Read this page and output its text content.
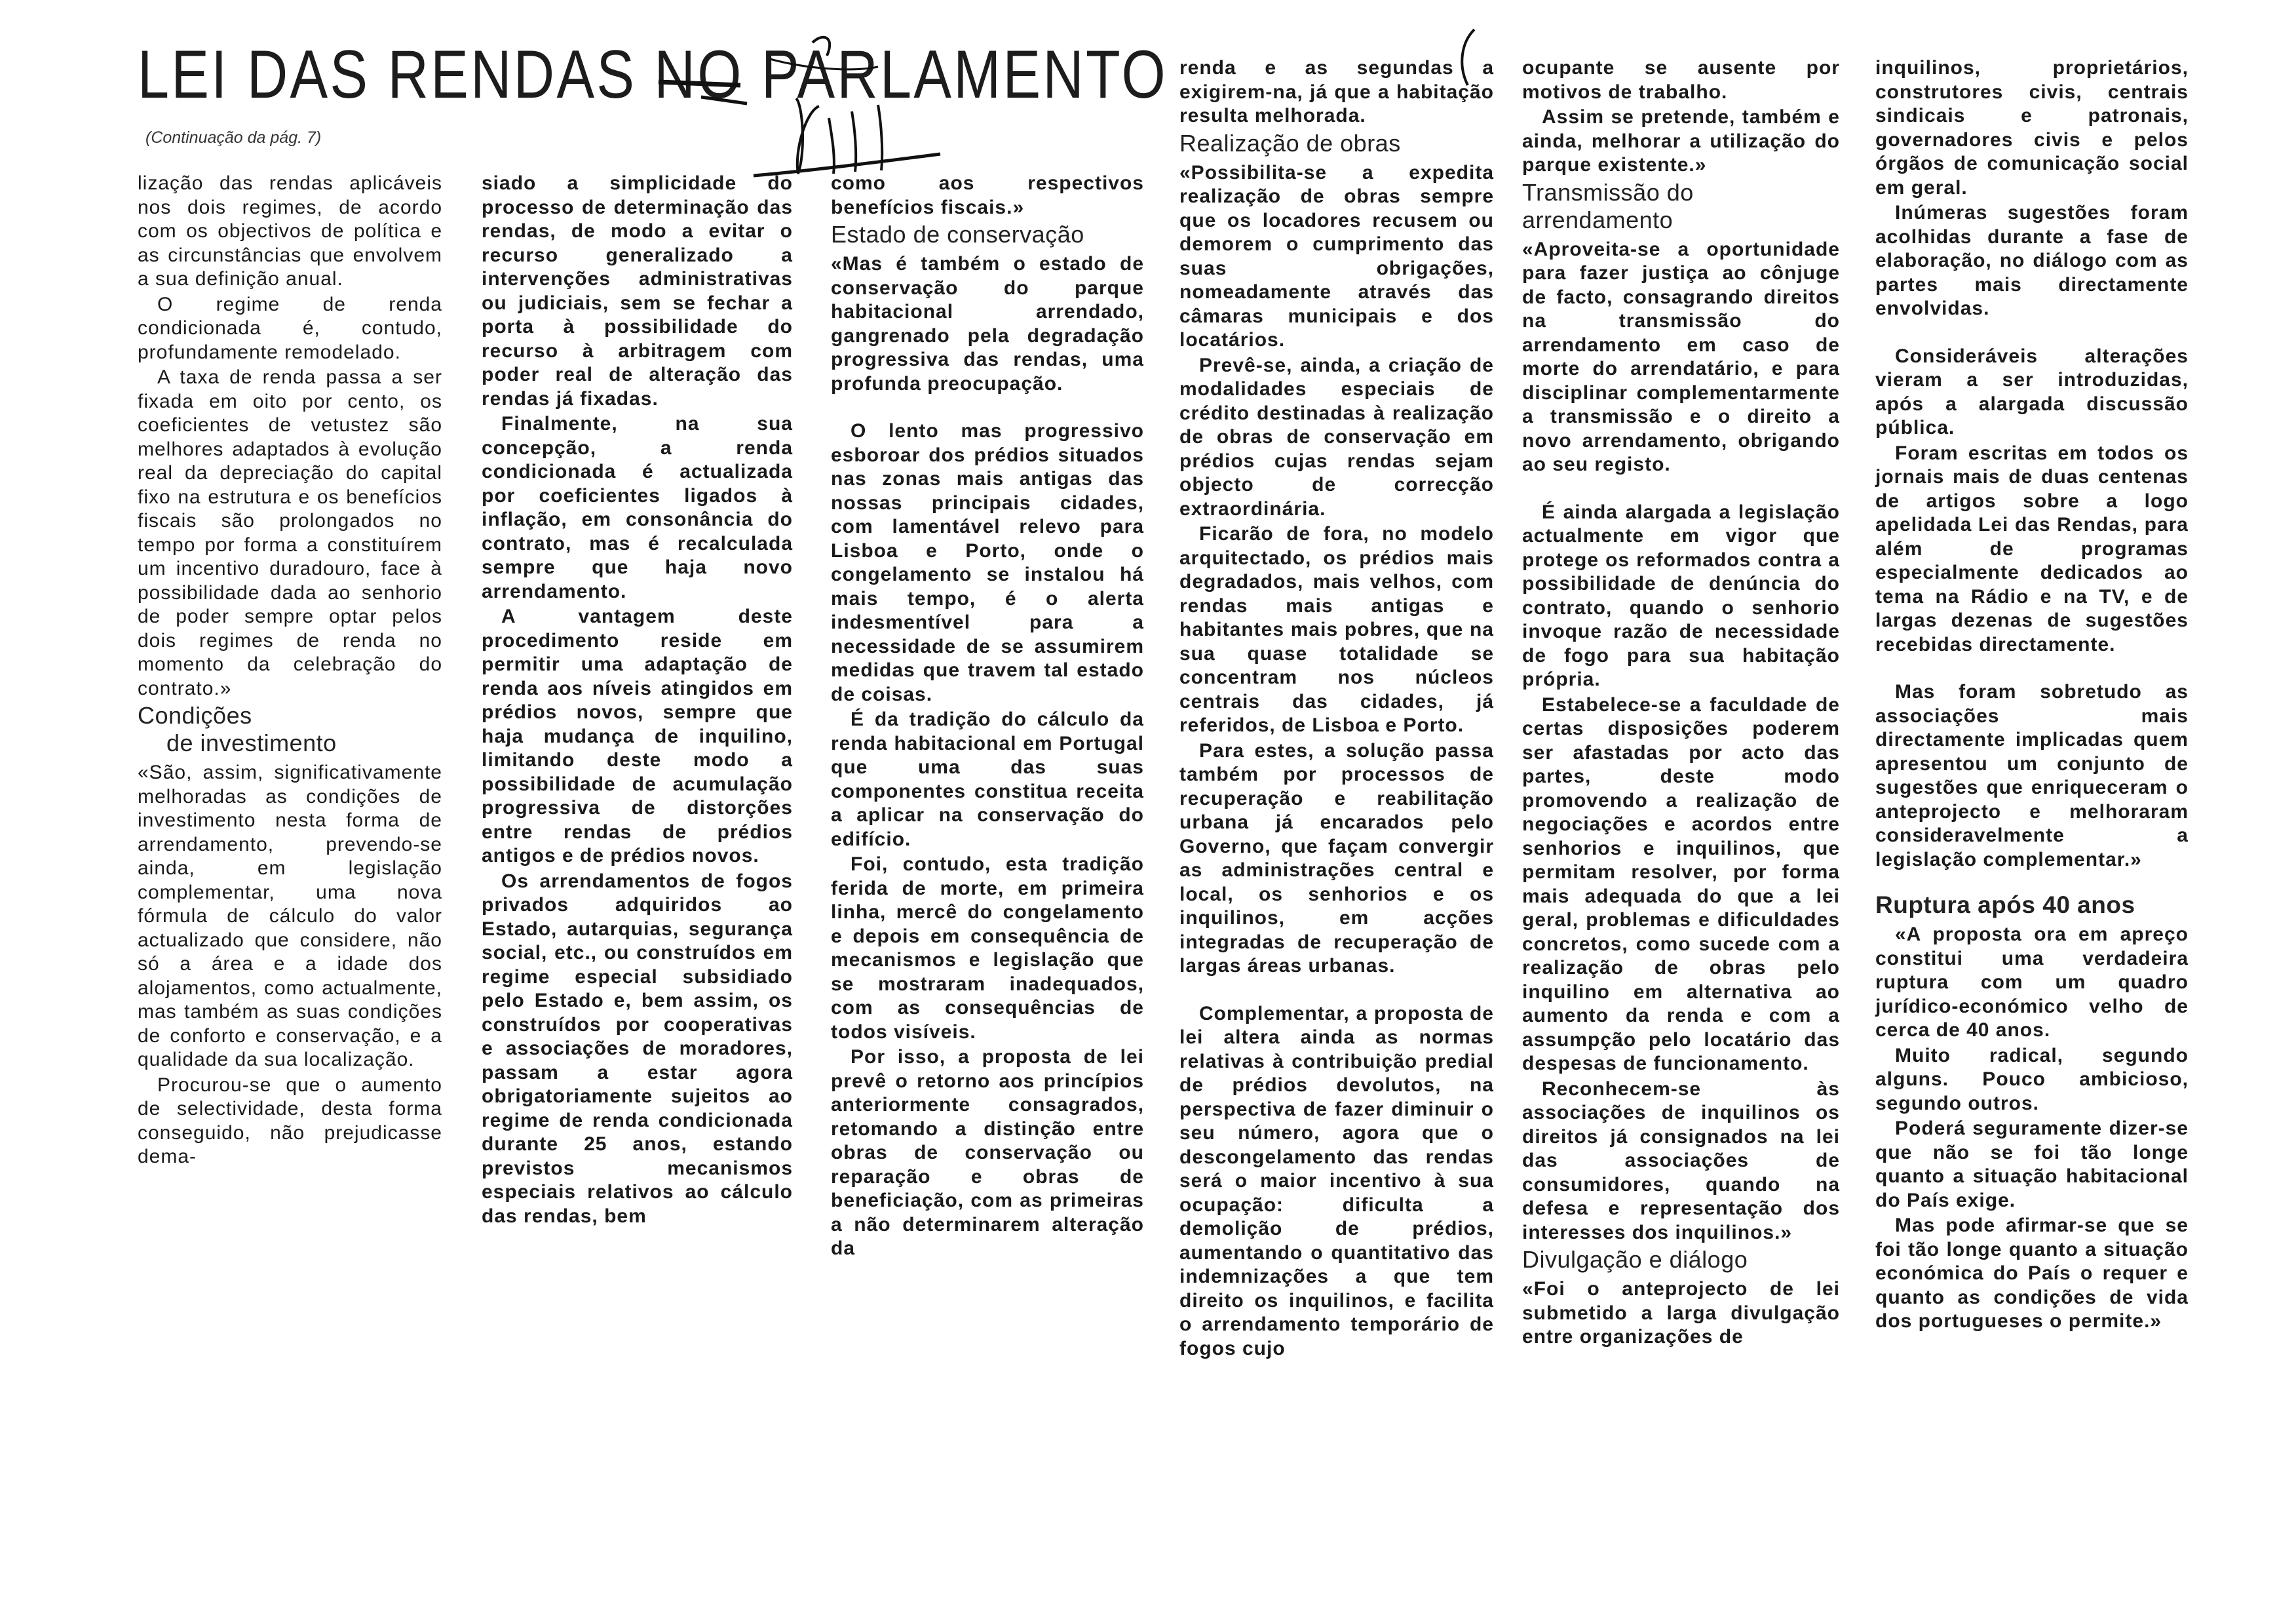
LEI DAS RENDAS NO PARLAMENTO
(Continuação da pág. 7)

lização das rendas aplicáveis nos dois regimes, de acordo com os objectivos de política e as circunstâncias que envolvem a sua definição anual.

O regime de renda condicionada é, contudo, profundamente remodelado.

A taxa de renda passa a ser fixada em oito por cento, os coeficientes de vetustez são melhores adaptados à evolução real da depreciação do capital fixo na estrutura e os benefícios fiscais são prolongados no tempo por forma a constituírem um incentivo duradouro, face à possibilidade dada ao senhorio de poder sempre optar pelos dois regimes de renda no momento da celebração do contrato.»

Condições
de investimento

«São, assim, significativamente melhoradas as condições de investimento nesta forma de arrendamento, prevendo-se ainda, em legislação complementar, uma nova fórmula de cálculo do valor actualizado que considere, não só a área e a idade dos alojamentos, como actualmente, mas também as suas condições de conforto e conservação, e a qualidade da sua localização.

Procurou-se que o aumento de selectividade, desta forma conseguido, não prejudicasse dema-

siado a simplicidade do processo de determinação das rendas, de modo a evitar o recurso generalizado a intervenções administrativas ou judiciais, sem se fechar a porta à possibilidade do recurso à arbitragem com poder real de alteração das rendas já fixadas.

Finalmente, na sua concepção, a renda condicionada é actualizada por coeficientes ligados à inflação, em consonância do contrato, mas é recalculada sempre que haja novo arrendamento.

A vantagem deste procedimento reside em permitir uma adaptação de renda aos níveis atingidos em prédios novos, sempre que haja mudança de inquilino, limitando deste modo a possibilidade de acumulação progressiva de distorções entre rendas de prédios antigos e de prédios novos.

Os arrendamentos de fogos privados adquiridos ao Estado, autarquias, segurança social, etc., ou construídos em regime especial subsidiado pelo Estado e, bem assim, os construídos por cooperativas e associações de moradores, passam a estar agora obrigatoriamente sujeitos ao regime de renda condicionada durante 25 anos, estando previstos mecanismos especiais relativos ao cálculo das rendas, bem

como aos respectivos benefícios fiscais.»

Estado de conservação

«Mas é também o estado de conservação do parque habitacional arrendado, gangrenado pela degradação progressiva das rendas, uma profunda preocupação.

O lento mas progressivo esboroar dos prédios situados nas zonas mais antigas das nossas principais cidades, com lamentável relevo para Lisboa e Porto, onde o congelamento se instalou há mais tempo, é o alerta indesmentível para a necessidade de se assumirem medidas que travem tal estado de coisas.

É da tradição do cálculo da renda habitacional em Portugal que uma das suas componentes constitua receita a aplicar na conservação do edifício.

Foi, contudo, esta tradição ferida de morte, em primeira linha, mercê do congelamento e depois em consequência de mecanismos e legislação que se mostraram inadequados, com as consequências de todos visíveis.

Por isso, a proposta de lei prevê o retorno aos princípios anteriormente consagrados, retomando a distinção entre obras de conservação ou reparação e obras de beneficiação, com as primeiras a não determinarem alteração da

renda e as segundas a exigirem-na, já que a habitação resulta melhorada.

Realização de obras

«Possibilita-se a expedita realização de obras sempre que os locadores recusem ou demorem o cumprimento das suas obrigações, nomeadamente através das câmaras municipais e dos locatários.

Prevê-se, ainda, a criação de modalidades especiais de crédito destinadas à realização de obras de conservação em prédios cujas rendas sejam objecto de correcção extraordinária.

Ficarão de fora, no modelo arquitectado, os prédios mais degradados, mais velhos, com rendas mais antigas e habitantes mais pobres, que na sua quase totalidade se concentram nos núcleos centrais das cidades, já referidos, de Lisboa e Porto.

Para estes, a solução passa também por processos de recuperação e reabilitação urbana já encarados pelo Governo, que façam convergir as administrações central e local, os senhorios e os inquilinos, em acções integradas de recuperação de largas áreas urbanas.

Complementar, a proposta de lei altera ainda as normas relativas à contribuição predial de prédios devolutos, na perspectiva de fazer diminuir o seu número, agora que o descongelamento das rendas será o maior incentivo à sua ocupação: dificulta a demolição de prédios, aumentando o quantitativo das indemnizações a que tem direito os inquilinos, e facilita o arrendamento temporário de fogos cujo

ocupante se ausente por motivos de trabalho.

Assim se pretende, também e ainda, melhorar a utilização do parque existente.»

Transmissão do
arrendamento

«Aproveita-se a oportunidade para fazer justiça ao cônjuge de facto, consagrando direitos na transmissão do arrendamento em caso de morte do arrendatário, e para disciplinar complementarmente a transmissão e o direito a novo arrendamento, obrigando ao seu registo.

É ainda alargada a legislação actualmente em vigor que protege os reformados contra a possibilidade de denúncia do contrato, quando o senhorio invoque razão de necessidade de fogo para sua habitação própria.

Estabelece-se a faculdade de certas disposições poderem ser afastadas por acto das partes, deste modo promovendo a realização de negociações e acordos entre senhorios e inquilinos, que permitam resolver, por forma mais adequada do que a lei geral, problemas e dificuldades concretos, como sucede com a realização de obras pelo inquilino em alternativa ao aumento da renda e com a assumpção pelo locatário das despesas de funcionamento.

Reconhecem-se às associações de inquilinos os direitos já consignados na lei das associações de consumidores, quando na defesa e representação dos interesses dos inquilinos.»

Divulgação e diálogo

«Foi o anteprojecto de lei submetido a larga divulgação entre organizações de

inquilinos, proprietários, construtores civis, centrais sindicais e patronais, governadores civis e pelos órgãos de comunicação social em geral.

Inúmeras sugestões foram acolhidas durante a fase de elaboração, no diálogo com as partes mais directamente envolvidas.

Consideráveis alterações vieram a ser introduzidas, após a alargada discussão pública.

Foram escritas em todos os jornais mais de duas centenas de artigos sobre a logo apelidada Lei das Rendas, para além de programas especialmente dedicados ao tema na Rádio e na TV, e de largas dezenas de sugestões recebidas directamente.

Mas foram sobretudo as associações mais directamente implicadas quem apresentou um conjunto de sugestões que enriqueceram o anteprojecto e melhoraram consideravelmente a legislação complementar.»

Ruptura após 40 anos

«A proposta ora em apreço constitui uma verdadeira ruptura com um quadro jurídico-económico velho de cerca de 40 anos.

Muito radical, segundo alguns. Pouco ambicioso, segundo outros.

Poderá seguramente dizer-se que não se foi tão longe quanto a situação habitacional do País exige.

Mas pode afirmar-se que se foi tão longe quanto a situação económica do País o requer e quanto as condições de vida dos portugueses o permite.»
